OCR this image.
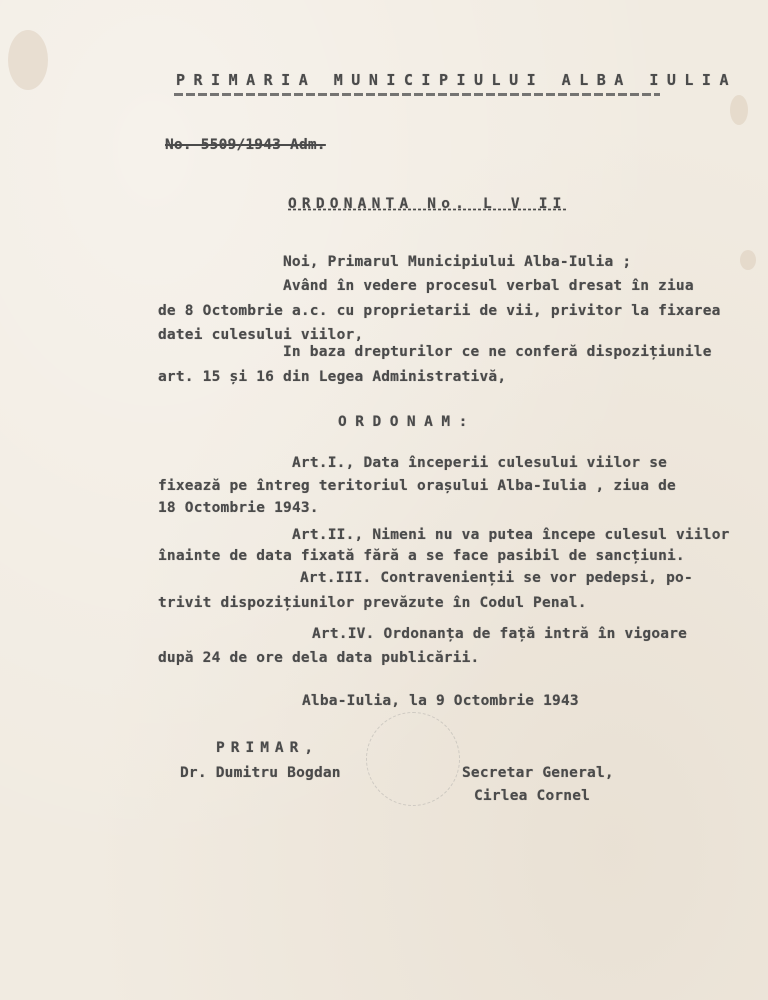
PRIMARIA MUNICIPIULUI ALBA IULIA
No. 5509/1943 Adm.
ORDONANTA No. L V II
Noi, Primarul Municipiului Alba-Iulia ;
Având în vedere procesul verbal dresat în ziua
de 8 Octombrie a.c. cu proprietarii de vii, privitor la fixarea
datei culesului viilor,
In baza drepturilor ce ne conferă dispozițiunile
art. 15 și 16 din Legea Administrativă,
ORDONAM:
Art.I., Data începerii culesului viilor se
fixează pe întreg teritoriul orașului Alba-Iulia , ziua de
18 Octombrie 1943.
Art.II., Nimeni nu va putea începe culesul viilor
înainte de data fixată fără a se face pasibil de sancțiuni.
Art.III. Contravenienții se vor pedepsi, po-
trivit dispozițiunilor prevăzute în Codul Penal.
Art.IV. Ordonanța de față intră în vigoare
după 24 de ore dela data publicării.
Alba-Iulia, la 9 Octombrie 1943
PRIMAR,
Dr. Dumitru Bogdan	Secretar General,
Cirlea Cornel
